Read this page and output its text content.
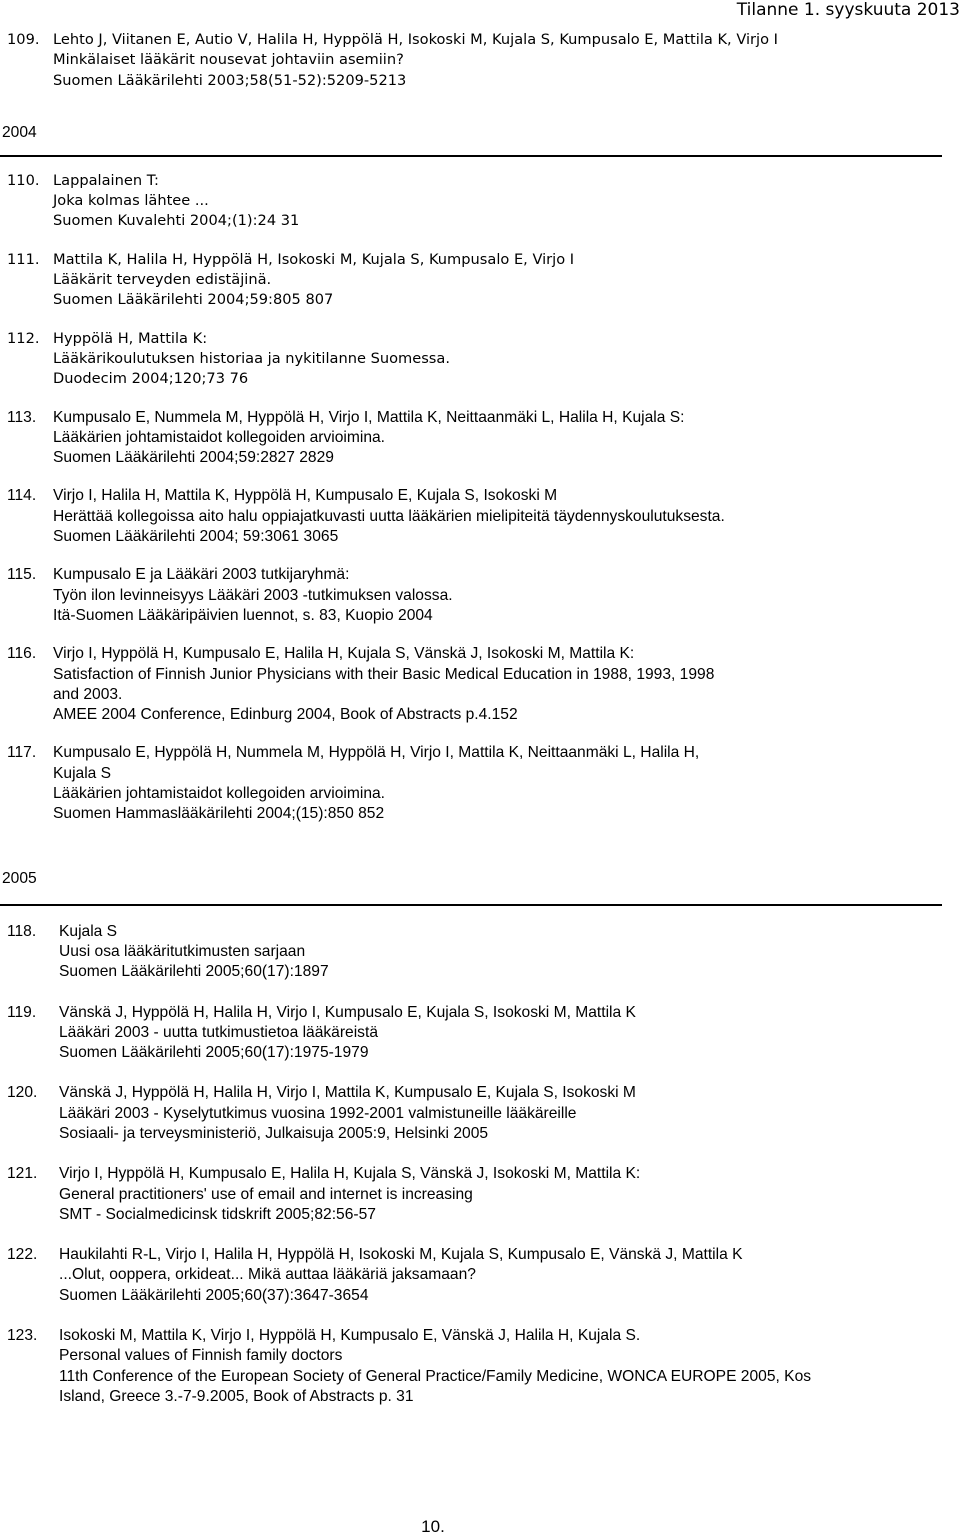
Tilanne 1. syyskuuta 2013
109. Lehto J, Viitanen E, Autio V, Halila H, Hyppölä H, Isokoski M, Kujala S, Kumpusalo E, Mattila K, Virjo I
Minkälaiset lääkärit nousevat johtaviin asemiin?
Suomen Lääkärilehti 2003;58(51-52):5209-5213
2004
110. Lappalainen T:
Joka kolmas lähtee ...
Suomen Kuvalehti 2004;(1):24 31
111. Mattila K, Halila H, Hyppölä H, Isokoski M, Kujala S, Kumpusalo E, Virjo I
Lääkärit terveyden edistäjinä.
Suomen Lääkärilehti 2004;59:805 807
112. Hyppölä H, Mattila K:
Lääkärikoulutuksen historiaa ja nykitilanne Suomessa.
Duodecim 2004;120;73 76
113. Kumpusalo E, Nummela M, Hyppölä H, Virjo I, Mattila K, Neittaanmäki L, Halila H, Kujala S:
Lääkärien johtamistaidot kollegoiden arvioimina.
Suomen Lääkärilehti 2004;59:2827 2829
114. Virjo I, Halila H, Mattila K, Hyppölä H, Kumpusalo E, Kujala S, Isokoski M
Herättää kollegoissa aito halu oppiajatkuvasti uutta lääkärien mielipiteitä täydennyskoulutuksesta.
Suomen Lääkärilehti 2004; 59:3061 3065
115. Kumpusalo E ja Lääkäri 2003 tutkijaryhmä:
Työn ilon levinneisyys Lääkäri 2003 -tutkimuksen valossa.
Itä-Suomen Lääkäripäivien luennot, s. 83, Kuopio 2004
116. Virjo I, Hyppölä H, Kumpusalo E, Halila H, Kujala S, Vänskä J, Isokoski M, Mattila K:
Satisfaction of Finnish Junior Physicians with their Basic Medical Education in 1988, 1993, 1998
and 2003.
AMEE 2004 Conference, Edinburg 2004, Book of Abstracts p.4.152
117. Kumpusalo E, Hyppölä H, Nummela M, Hyppölä H, Virjo I, Mattila K, Neittaanmäki L, Halila H,
Kujala S
Lääkärien johtamistaidot kollegoiden arvioimina.
Suomen Hammaslääkärilehti 2004;(15):850 852
2005
118. Kujala S
Uusi osa lääkäritutkimusten sarjaan
Suomen Lääkärilehti 2005;60(17):1897
119. Vänskä J, Hyppölä H, Halila H, Virjo I, Kumpusalo E, Kujala S, Isokoski M, Mattila K
Lääkäri 2003 - uutta tutkimustietoa lääkäreistä
Suomen Lääkärilehti 2005;60(17):1975-1979
120. Vänskä J, Hyppölä H, Halila H, Virjo I, Mattila K, Kumpusalo E, Kujala S, Isokoski M
Lääkäri 2003 - Kyselytutkimus vuosina 1992-2001 valmistuneille lääkäreille
Sosiaali- ja terveysministeriö, Julkaisuja 2005:9, Helsinki 2005
121. Virjo I, Hyppölä H, Kumpusalo E, Halila H, Kujala S, Vänskä J, Isokoski M, Mattila K:
General practitioners' use of email and internet is increasing
SMT - Socialmedicinsk tidskrift 2005;82:56-57
122. Haukilahti R-L, Virjo I, Halila H, Hyppölä H, Isokoski M, Kujala S, Kumpusalo E, Vänskä J, Mattila K
...Olut, ooppera, orkideat... Mikä auttaa lääkäriä jaksamaan?
Suomen Lääkärilehti 2005;60(37):3647-3654
123. Isokoski M, Mattila K, Virjo I, Hyppölä H, Kumpusalo E, Vänskä J, Halila H, Kujala S.
Personal values of Finnish family doctors
11th Conference of the European Society of General Practice/Family Medicine, WONCA EUROPE 2005, Kos
Island, Greece 3.-7-9.2005, Book of Abstracts p. 31
10.
